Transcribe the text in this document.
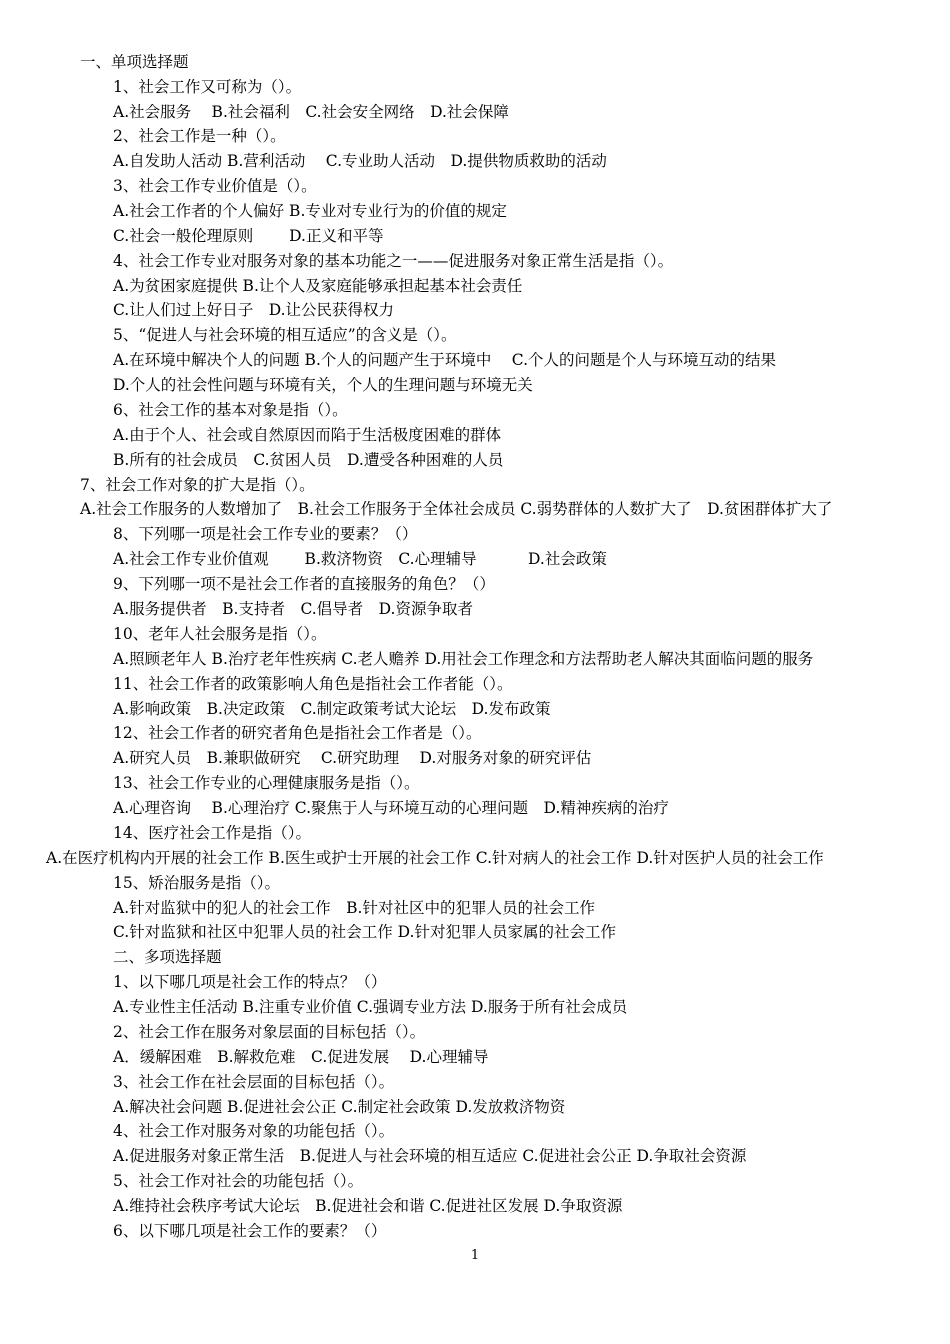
一、单项选择题
1、社会工作又可称为（）。
A.社会服务　 B.社会福利　C.社会安全网络　D.社会保障
2、社会工作是一种（）。
A.自发助人活动 B.营利活动　 C.专业助人活动　D.提供物质救助的活动
3、社会工作专业价值是（）。
A.社会工作者的个人偏好 B.专业对专业行为的价值的规定
C.社会一般伦理原则　　 D.正义和平等
4、社会工作专业对服务对象的基本功能之一——促进服务对象正常生活是指（）。
A.为贫困家庭提供 B.让个人及家庭能够承担起基本社会责任
C.让人们过上好日子　D.让公民获得权力
5、“促进人与社会环境的相互适应”的含义是（）。
A.在环境中解决个人的问题 B.个人的问题产生于环境中　 C.个人的问题是个人与环境互动的结果
D.个人的社会性问题与环境有关，个人的生理问题与环境无关
6、社会工作的基本对象是指（）。
A.由于个人、社会或自然原因而陷于生活极度困难的群体
B.所有的社会成员　C.贫困人员　D.遭受各种困难的人员
7、社会工作对象的扩大是指（）。
A.社会工作服务的人数增加了　B.社会工作服务于全体社会成员 C.弱势群体的人数扩大了　D.贫困群体扩大了
8、下列哪一项是社会工作专业的要素？（）
A.社会工作专业价值观　　 B.救济物资　C.心理辅导　　　 D.社会政策
9、下列哪一项不是社会工作者的直接服务的角色？（）
A.服务提供者　B.支持者　C.倡导者　D.资源争取者
10、老年人社会服务是指（）。
A.照顾老年人 B.治疗老年性疾病 C.老人赡养 D.用社会工作理念和方法帮助老人解决其面临问题的服务
11、社会工作者的政策影响人角色是指社会工作者能（）。
A.影响政策　B.决定政策　C.制定政策考试大论坛　D.发布政策
12、社会工作者的研究者角色是指社会工作者是（）。
A.研究人员　B.兼职做研究　 C.研究助理　 D.对服务对象的研究评估
13、社会工作专业的心理健康服务是指（）。
A.心理咨询　 B.心理治疗 C.聚焦于人与环境互动的心理问题　D.精神疾病的治疗
14、医疗社会工作是指（）。
A.在医疗机构内开展的社会工作 B.医生或护士开展的社会工作 C.针对病人的社会工作 D.针对医护人员的社会工作
15、矫治服务是指（）。
A.针对监狱中的犯人的社会工作　B.针对社区中的犯罪人员的社会工作
C.针对监狱和社区中犯罪人员的社会工作 D.针对犯罪人员家属的社会工作
二、多项选择题
1、以下哪几项是社会工作的特点？（）
A.专业性主任活动 B.注重专业价值 C.强调专业方法 D.服务于所有社会成员
2、社会工作在服务对象层面的目标包括（）。
A．缓解困难　B.解救危难　C.促进发展　 D.心理辅导
3、社会工作在社会层面的目标包括（）。
A.解决社会问题 B.促进社会公正 C.制定社会政策 D.发放救济物资
4、社会工作对服务对象的功能包括（）。
A.促进服务对象正常生活　B.促进人与社会环境的相互适应 C.促进社会公正 D.争取社会资源
5、社会工作对社会的功能包括（）。
A.维持社会秩序考试大论坛　B.促进社会和谐 C.促进社区发展 D.争取资源
6、以下哪几项是社会工作的要素？（）
1
